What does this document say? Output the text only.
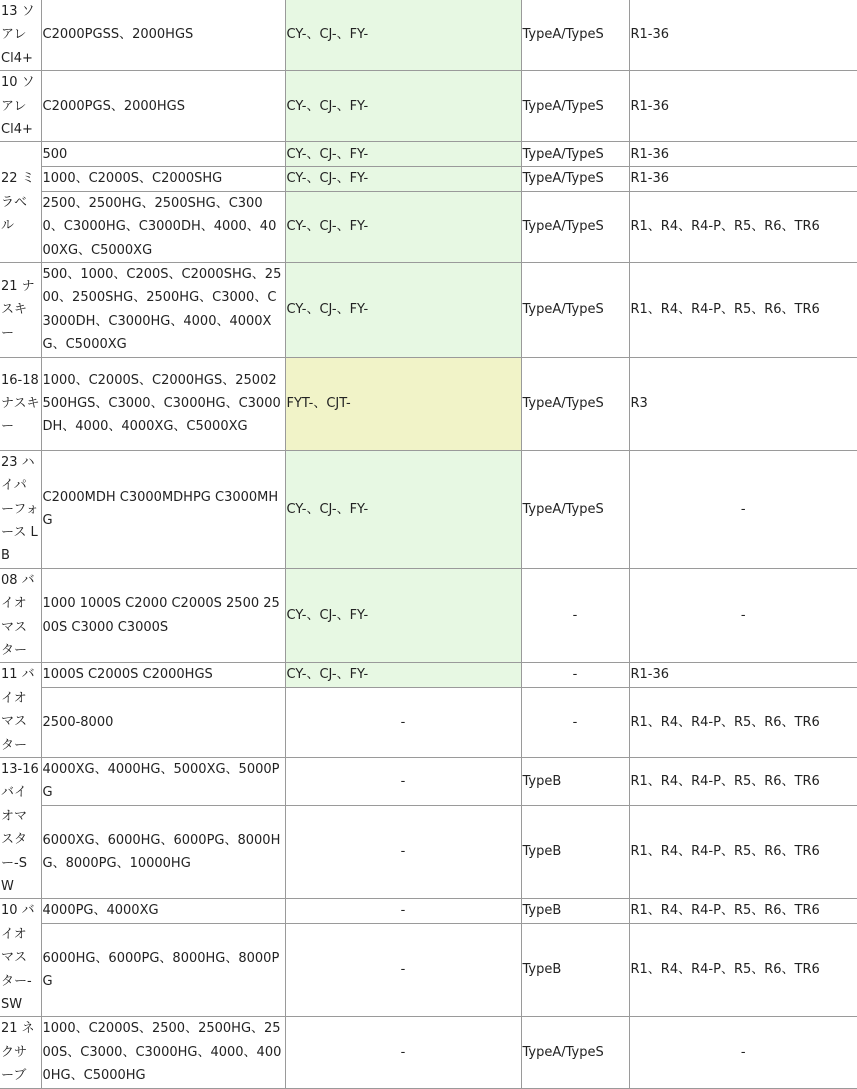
13 ソアレ Cl4+	C2000PGSS、2000HGS	CY-、CJ-、FY-	TypeA/TypeS	R1-36
10 ソアレ Cl4+	C2000PGS、2000HGS	CY-、CJ-、FY-	TypeA/TypeS	R1-36
22 ミラベル	500	CY-、CJ-、FY-	TypeA/TypeS	R1-36
	1000、C2000S、C2000SHG	CY-、CJ-、FY-	TypeA/TypeS	R1-36
	2500、2500HG、2500SHG、C3000、C3000HG、C3000DH、4000、4000XG、C5000XG	CY-、CJ-、FY-	TypeA/TypeS	R1、R4、R4-P、R5、R6、TR6
21 ナスキー	500、1000、C200S、C2000SHG、2500、2500SHG、2500HG、C3000、C3000DH、C3000HG、4000、4000XG、C5000XG	CY-、CJ-、FY-	TypeA/TypeS	R1、R4、R4-P、R5、R6、TR6
16-18 ナスキー	1000、C2000S、C2000HGS、25002500HGS、C3000、C3000HG、C3000DH、4000、4000XG、C5000XG	FYT-、CJT-	TypeA/TypeS	R3
23 ハイパーフォース LB	C2000MDH C3000MDHPG C3000MHG	CY-、CJ-、FY-	TypeA/TypeS	-
08 バイオマスター	1000 1000S C2000 C2000S 2500 2500S C3000 C3000S	CY-、CJ-、FY-	-	-
11 バイオマスター	1000S C2000S C2000HGS	CY-、CJ-、FY-	-	R1-36
	2500-8000	-	-	R1、R4、R4-P、R5、R6、TR6
13-16 バイオマスター-SW	4000XG、4000HG、5000XG、5000PG	-	TypeB	R1、R4、R4-P、R5、R6、TR6
	6000XG、6000HG、6000PG、8000HG、8000PG、10000HG	-	TypeB	R1、R4、R4-P、R5、R6、TR6
10 バイオマスター-SW	4000PG、4000XG	-	TypeB	R1、R4、R4-P、R5、R6、TR6
	6000HG、6000PG、8000HG、8000PG	-	TypeB	R1、R4、R4-P、R5、R6、TR6
21 ネクサーブ	1000、C2000S、2500、2500HG、2500S、C3000、C3000HG、4000、4000HG、C5000HG	-	TypeA/TypeS	-
